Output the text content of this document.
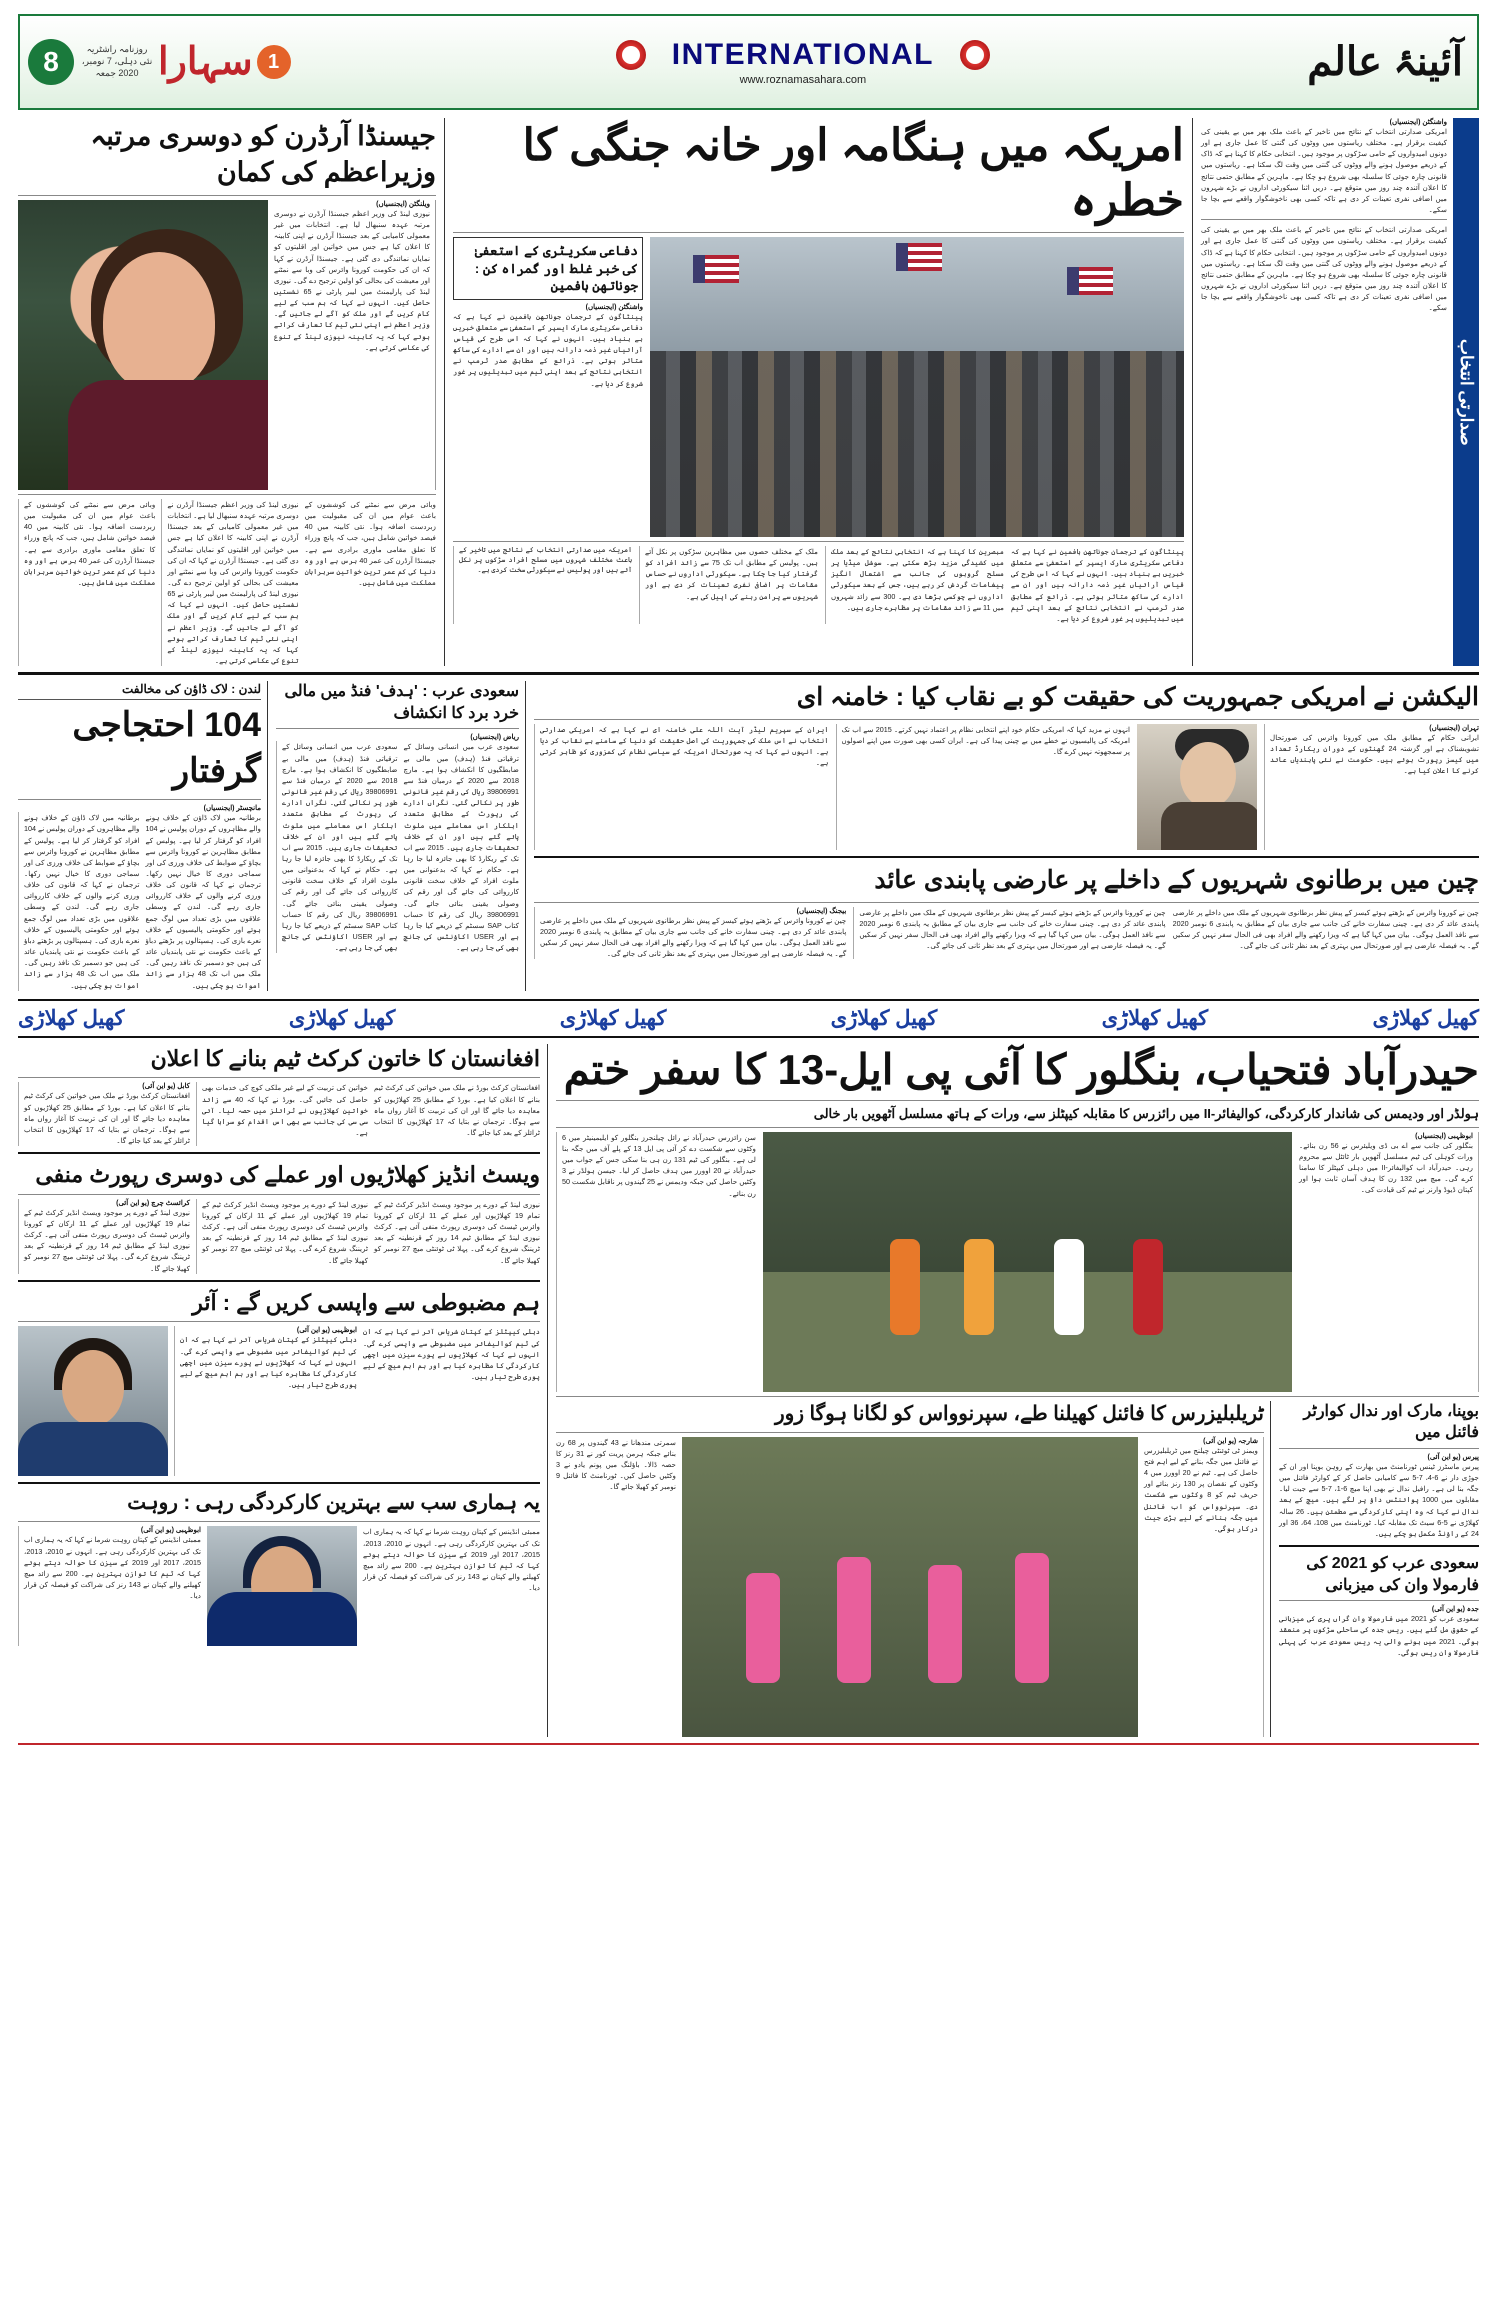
8	روزنامہ راشٹریہ
نئی دہلی، 7 نومبر، 2020 جمعہ سہارا 1	INTERNATIONAL
www.roznamasahara.com	آئینۂ عالم
جیسنڈا آرڈرن کو دوسری مرتبہ وزیراعظم کی کمان
ویلنگٹن (ایجنسیاں)
نیوزی لینڈ کی وزیر اعظم جیسنڈا آرڈرن نے دوسری مرتبہ عہدہ سنبھال لیا ہے۔ انتخابات میں غیر معمولی کامیابی کے بعد جیسنڈا آرڈرن نے اپنی کابینہ کا اعلان کیا ہے جس میں خواتین اور اقلیتوں کو نمایاں نمائندگی دی گئی ہے۔ جیسنڈا آرڈرن نے کہا کہ ان کی حکومت کورونا وائرس کی وبا سے نمٹنے اور معیشت کی بحالی کو اولین ترجیح دے گی۔ نیوزی لینڈ کی پارلیمنٹ میں لیبر پارٹی نے 65 نشستیں حاصل کیں۔ انہوں نے کہا کہ ہم سب کے لیے کام کریں گے اور ملک کو آگے لے جائیں گے۔ وزیر اعظم نے اپنی نئی ٹیم کا تعارف کراتے ہوئے کہا کہ یہ کابینہ نیوزی لینڈ کے تنوع کی عکاسی کرتی ہے۔
وبائی مرض سے نمٹنے کی کوششوں کے باعث عوام میں ان کی مقبولیت میں زبردست اضافہ ہوا۔ نئی کابینہ میں 40 فیصد خواتین شامل ہیں، جب کہ پانچ وزراء کا تعلق مقامی ماوری برادری سے ہے۔ جیسنڈا آرڈرن کی عمر 40 برس ہے اور وہ دنیا کی کم عمر ترین خواتین سربراہان مملکت میں شامل ہیں۔
نیوزی لینڈ کی وزیر اعظم جیسنڈا آرڈرن نے دوسری مرتبہ عہدہ سنبھال لیا ہے۔ انتخابات میں غیر معمولی کامیابی کے بعد جیسنڈا آرڈرن نے اپنی کابینہ کا اعلان کیا ہے جس میں خواتین اور اقلیتوں کو نمایاں نمائندگی دی گئی ہے۔ جیسنڈا آرڈرن نے کہا کہ ان کی حکومت کورونا وائرس کی وبا سے نمٹنے اور معیشت کی بحالی کو اولین ترجیح دے گی۔ نیوزی لینڈ کی پارلیمنٹ میں لیبر پارٹی نے 65 نشستیں حاصل کیں۔ انہوں نے کہا کہ ہم سب کے لیے کام کریں گے اور ملک کو آگے لے جائیں گے۔ وزیر اعظم نے اپنی نئی ٹیم کا تعارف کراتے ہوئے کہا کہ یہ کابینہ نیوزی لینڈ کے تنوع کی عکاسی کرتی ہے۔
وبائی مرض سے نمٹنے کی کوششوں کے باعث عوام میں ان کی مقبولیت میں زبردست اضافہ ہوا۔ نئی کابینہ میں 40 فیصد خواتین شامل ہیں، جب کہ پانچ وزراء کا تعلق مقامی ماوری برادری سے ہے۔ جیسنڈا آرڈرن کی عمر 40 برس ہے اور وہ دنیا کی کم عمر ترین خواتین سربراہان مملکت میں شامل ہیں۔
امریکہ میں ہنگامہ اور خانہ جنگی کا خطرہ
دفاعی سکریٹری کے استعفیٰ کی خبر غلط اور گمراہ کن : جوناتھن ہافمین
واشنگٹن (ایجنسیاں)
پینٹاگون کے ترجمان جوناتھن ہافمین نے کہا ہے کہ دفاعی سکریٹری مارک ایسپر کے استعفیٰ سے متعلق خبریں بے بنیاد ہیں۔ انہوں نے کہا کہ اس طرح کی قیاس آرائیاں غیر ذمہ دارانہ ہیں اور ان سے ادارے کی ساکھ متاثر ہوتی ہے۔ ذرائع کے مطابق صدر ٹرمپ نے انتخابی نتائج کے بعد اپنی ٹیم میں تبدیلیوں پر غور شروع کر دیا ہے۔
امریکہ میں صدارتی انتخاب کے نتائج میں تاخیر کے باعث مختلف شہروں میں مسلح افراد سڑکوں پر نکل آئے ہیں اور پولیس نے سیکورٹی سخت کردی ہے۔
ملک کے مختلف حصوں میں مظاہرین سڑکوں پر نکل آئے ہیں۔ پولیس کے مطابق اب تک 75 سے زائد افراد کو گرفتار کیا جا چکا ہے۔ سیکورٹی اداروں نے حساس مقامات پر اضافی نفری تعینات کر دی ہے اور شہریوں سے پرامن رہنے کی اپیل کی ہے۔
مبصرین کا کہنا ہے کہ انتخابی نتائج کے بعد ملک میں کشیدگی مزید بڑھ سکتی ہے۔ سوشل میڈیا پر مسلح گروہوں کی جانب سے اشتعال انگیز پیغامات گردش کر رہے ہیں، جس کے بعد سیکورٹی اداروں نے چوکسی بڑھا دی ہے۔ 300 سے زائد شہروں میں 11 سے زائد مقامات پر مظاہرے جاری ہیں۔
پینٹاگون کے ترجمان جوناتھن ہافمین نے کہا ہے کہ دفاعی سکریٹری مارک ایسپر کے استعفیٰ سے متعلق خبریں بے بنیاد ہیں۔ انہوں نے کہا کہ اس طرح کی قیاس آرائیاں غیر ذمہ دارانہ ہیں اور ان سے ادارے کی ساکھ متاثر ہوتی ہے۔ ذرائع کے مطابق صدر ٹرمپ نے انتخابی نتائج کے بعد اپنی ٹیم میں تبدیلیوں پر غور شروع کر دیا ہے۔
واشنگٹن (ایجنسیاں)
امریکی صدارتی انتخاب کے نتائج میں تاخیر کے باعث ملک بھر میں بے یقینی کی کیفیت برقرار ہے۔ مختلف ریاستوں میں ووٹوں کی گنتی کا عمل جاری ہے اور دونوں امیدواروں کے حامی سڑکوں پر موجود ہیں۔ انتخابی حکام کا کہنا ہے کہ ڈاک کے ذریعے موصول ہونے والے ووٹوں کی گنتی میں وقت لگ سکتا ہے۔ ریاستوں میں قانونی چارہ جوئی کا سلسلہ بھی شروع ہو چکا ہے۔ ماہرین کے مطابق حتمی نتائج کا اعلان آئندہ چند روز میں متوقع ہے۔ دریں اثنا سیکورٹی اداروں نے بڑے شہروں میں اضافی نفری تعینات کر دی ہے تاکہ کسی بھی ناخوشگوار واقعے سے بچا جا سکے۔
امریکی صدارتی انتخاب کے نتائج میں تاخیر کے باعث ملک بھر میں بے یقینی کی کیفیت برقرار ہے۔ مختلف ریاستوں میں ووٹوں کی گنتی کا عمل جاری ہے اور دونوں امیدواروں کے حامی سڑکوں پر موجود ہیں۔ انتخابی حکام کا کہنا ہے کہ ڈاک کے ذریعے موصول ہونے والے ووٹوں کی گنتی میں وقت لگ سکتا ہے۔ ریاستوں میں قانونی چارہ جوئی کا سلسلہ بھی شروع ہو چکا ہے۔ ماہرین کے مطابق حتمی نتائج کا اعلان آئندہ چند روز میں متوقع ہے۔ دریں اثنا سیکورٹی اداروں نے بڑے شہروں میں اضافی نفری تعینات کر دی ہے تاکہ کسی بھی ناخوشگوار واقعے سے بچا جا سکے۔
صدارتی انتخاب
لندن : لاک ڈاؤن کی مخالفت
104 احتجاجی گرفتار
مانچسٹر (ایجنسیاں)
برطانیہ میں لاک ڈاؤن کے خلاف ہونے والے مظاہروں کے دوران پولیس نے 104 افراد کو گرفتار کر لیا ہے۔ پولیس کے مطابق مظاہرین نے کورونا وائرس سے بچاؤ کے ضوابط کی خلاف ورزی کی اور سماجی دوری کا خیال نہیں رکھا۔ ترجمان نے کہا کہ قانون کی خلاف ورزی کرنے والوں کے خلاف کارروائی جاری رہے گی۔ لندن کے وسطی علاقوں میں بڑی تعداد میں لوگ جمع ہوئے اور حکومتی پالیسیوں کے خلاف نعرے بازی کی۔ ہسپتالوں پر بڑھتے دباؤ کے باعث حکومت نے نئی پابندیاں عائد کی ہیں جو دسمبر تک نافذ رہیں گی۔ ملک میں اب تک 48 ہزار سے زائد اموات ہو چکی ہیں۔
برطانیہ میں لاک ڈاؤن کے خلاف ہونے والے مظاہروں کے دوران پولیس نے 104 افراد کو گرفتار کر لیا ہے۔ پولیس کے مطابق مظاہرین نے کورونا وائرس سے بچاؤ کے ضوابط کی خلاف ورزی کی اور سماجی دوری کا خیال نہیں رکھا۔ ترجمان نے کہا کہ قانون کی خلاف ورزی کرنے والوں کے خلاف کارروائی جاری رہے گی۔ لندن کے وسطی علاقوں میں بڑی تعداد میں لوگ جمع ہوئے اور حکومتی پالیسیوں کے خلاف نعرے بازی کی۔ ہسپتالوں پر بڑھتے دباؤ کے باعث حکومت نے نئی پابندیاں عائد کی ہیں جو دسمبر تک نافذ رہیں گی۔ ملک میں اب تک 48 ہزار سے زائد اموات ہو چکی ہیں۔
سعودی عرب : 'ہدف' فنڈ میں مالی خرد برد کا انکشاف
ریاض (ایجنسیاں)
سعودی عرب میں انسانی وسائل کے ترقیاتی فنڈ (ہدف) میں مالی بے ضابطگیوں کا انکشاف ہوا ہے۔ مارچ 2018 سے 2020 کے درمیان فنڈ سے 39806991 ریال کی رقم غیر قانونی طور پر نکالی گئی۔ نگراں ادارے کی رپورٹ کے مطابق متعدد اہلکار اس معاملے میں ملوث پائے گئے ہیں اور ان کے خلاف تحقیقات جاری ہیں۔ 2015 سے اب تک کے ریکارڈ کا بھی جائزہ لیا جا رہا ہے۔ حکام نے کہا کہ بدعنوانی میں ملوث افراد کے خلاف سخت قانونی کارروائی کی جائے گی اور رقم کی وصولی یقینی بنائی جائے گی۔ 39806991 ریال کی رقم کا حساب کتاب SAP سسٹم کے ذریعے کیا جا رہا ہے اور USER اکاؤنٹس کی جانچ بھی کی جا رہی ہے۔
سعودی عرب میں انسانی وسائل کے ترقیاتی فنڈ (ہدف) میں مالی بے ضابطگیوں کا انکشاف ہوا ہے۔ مارچ 2018 سے 2020 کے درمیان فنڈ سے 39806991 ریال کی رقم غیر قانونی طور پر نکالی گئی۔ نگراں ادارے کی رپورٹ کے مطابق متعدد اہلکار اس معاملے میں ملوث پائے گئے ہیں اور ان کے خلاف تحقیقات جاری ہیں۔ 2015 سے اب تک کے ریکارڈ کا بھی جائزہ لیا جا رہا ہے۔ حکام نے کہا کہ بدعنوانی میں ملوث افراد کے خلاف سخت قانونی کارروائی کی جائے گی اور رقم کی وصولی یقینی بنائی جائے گی۔ 39806991 ریال کی رقم کا حساب کتاب SAP سسٹم کے ذریعے کیا جا رہا ہے اور USER اکاؤنٹس کی جانچ بھی کی جا رہی ہے۔
الیکشن نے امریکی جمہوریت کی حقیقت کو بے نقاب کیا : خامنہ ای
ایران کے سپریم لیڈر آیت اللہ علی خامنہ ای نے کہا ہے کہ امریکی صدارتی انتخاب نے اس ملک کی جمہوریت کی اصل حقیقت کو دنیا کے سامنے بے نقاب کر دیا ہے۔ انہوں نے کہا کہ یہ صورتحال امریکہ کے سیاسی نظام کی کمزوری کو ظاہر کرتی ہے۔
انہوں نے مزید کہا کہ امریکی حکام خود اپنے انتخابی نظام پر اعتماد نہیں کرتے۔ 2015 سے اب تک امریکہ کی پالیسیوں نے خطے میں بے چینی پیدا کی ہے۔ ایران کسی بھی صورت میں اپنے اصولوں پر سمجھوتہ نہیں کرے گا۔
تہران (ایجنسیاں)
ایرانی حکام کے مطابق ملک میں کورونا وائرس کی صورتحال تشویشناک ہے اور گزشتہ 24 گھنٹوں کے دوران ریکارڈ تعداد میں کیسز رپورٹ ہوئے ہیں۔ حکومت نے نئی پابندیاں عائد کرنے کا اعلان کیا ہے۔
چین میں برطانوی شہریوں کے داخلے پر عارضی پابندی عائد
بیجنگ (ایجنسیاں)
چین نے کورونا وائرس کے بڑھتے ہوئے کیسز کے پیش نظر برطانوی شہریوں کے ملک میں داخلے پر عارضی پابندی عائد کر دی ہے۔ چینی سفارت خانے کی جانب سے جاری بیان کے مطابق یہ پابندی 6 نومبر 2020 سے نافذ العمل ہوگی۔ بیان میں کہا گیا ہے کہ ویزا رکھنے والے افراد بھی فی الحال سفر نہیں کر سکیں گے۔ یہ فیصلہ عارضی ہے اور صورتحال میں بہتری کے بعد نظر ثانی کی جائے گی۔
چین نے کورونا وائرس کے بڑھتے ہوئے کیسز کے پیش نظر برطانوی شہریوں کے ملک میں داخلے پر عارضی پابندی عائد کر دی ہے۔ چینی سفارت خانے کی جانب سے جاری بیان کے مطابق یہ پابندی 6 نومبر 2020 سے نافذ العمل ہوگی۔ بیان میں کہا گیا ہے کہ ویزا رکھنے والے افراد بھی فی الحال سفر نہیں کر سکیں گے۔ یہ فیصلہ عارضی ہے اور صورتحال میں بہتری کے بعد نظر ثانی کی جائے گی۔
چین نے کورونا وائرس کے بڑھتے ہوئے کیسز کے پیش نظر برطانوی شہریوں کے ملک میں داخلے پر عارضی پابندی عائد کر دی ہے۔ چینی سفارت خانے کی جانب سے جاری بیان کے مطابق یہ پابندی 6 نومبر 2020 سے نافذ العمل ہوگی۔ بیان میں کہا گیا ہے کہ ویزا رکھنے والے افراد بھی فی الحال سفر نہیں کر سکیں گے۔ یہ فیصلہ عارضی ہے اور صورتحال میں بہتری کے بعد نظر ثانی کی جائے گی۔
کھیل کھلاڑی	کھیل کھلاڑی	کھیل کھلاڑی	کھیل کھلاڑی	کھیل کھلاڑی	کھیل کھلاڑی
افغانستان کا خاتون کرکٹ ٹیم بنانے کا اعلان
کابل (یو این آئی)
افغانستان کرکٹ بورڈ نے ملک میں خواتین کی کرکٹ ٹیم بنانے کا اعلان کیا ہے۔ بورڈ کے مطابق 25 کھلاڑیوں کو معاہدہ دیا جائے گا اور ان کی تربیت کا آغاز رواں ماہ سے ہوگا۔ ترجمان نے بتایا کہ 17 کھلاڑیوں کا انتخاب ٹرائلز کے بعد کیا جائے گا۔
خواتین کی تربیت کے لیے غیر ملکی کوچ کی خدمات بھی حاصل کی جائیں گی۔ بورڈ نے کہا کہ 40 سے زائد خواتین کھلاڑیوں نے ٹرائلز میں حصہ لیا۔ آئی سی سی کی جانب سے بھی اس اقدام کو سراہا گیا ہے۔
افغانستان کرکٹ بورڈ نے ملک میں خواتین کی کرکٹ ٹیم بنانے کا اعلان کیا ہے۔ بورڈ کے مطابق 25 کھلاڑیوں کو معاہدہ دیا جائے گا اور ان کی تربیت کا آغاز رواں ماہ سے ہوگا۔ ترجمان نے بتایا کہ 17 کھلاڑیوں کا انتخاب ٹرائلز کے بعد کیا جائے گا۔
ویسٹ انڈیز کھلاڑیوں اور عملے کی دوسری رپورٹ منفی
کرائسٹ چرچ (یو این آئی)
نیوزی لینڈ کے دورے پر موجود ویسٹ انڈیز کرکٹ ٹیم کے تمام 19 کھلاڑیوں اور عملے کے 11 ارکان کے کورونا وائرس ٹیسٹ کی دوسری رپورٹ منفی آئی ہے۔ کرکٹ نیوزی لینڈ کے مطابق ٹیم 14 روز کے قرنطینہ کے بعد ٹریننگ شروع کرے گی۔ پہلا ٹی ٹوئنٹی میچ 27 نومبر کو کھیلا جائے گا۔
نیوزی لینڈ کے دورے پر موجود ویسٹ انڈیز کرکٹ ٹیم کے تمام 19 کھلاڑیوں اور عملے کے 11 ارکان کے کورونا وائرس ٹیسٹ کی دوسری رپورٹ منفی آئی ہے۔ کرکٹ نیوزی لینڈ کے مطابق ٹیم 14 روز کے قرنطینہ کے بعد ٹریننگ شروع کرے گی۔ پہلا ٹی ٹوئنٹی میچ 27 نومبر کو کھیلا جائے گا۔
نیوزی لینڈ کے دورے پر موجود ویسٹ انڈیز کرکٹ ٹیم کے تمام 19 کھلاڑیوں اور عملے کے 11 ارکان کے کورونا وائرس ٹیسٹ کی دوسری رپورٹ منفی آئی ہے۔ کرکٹ نیوزی لینڈ کے مطابق ٹیم 14 روز کے قرنطینہ کے بعد ٹریننگ شروع کرے گی۔ پہلا ٹی ٹوئنٹی میچ 27 نومبر کو کھیلا جائے گا۔
ہم مضبوطی سے واپسی کریں گے : آئر
ابوظہبی (یو این آئی)
دہلی کیپٹلز کے کپتان شریاس آئر نے کہا ہے کہ ان کی ٹیم کوالیفائر میں مضبوطی سے واپسی کرے گی۔ انہوں نے کہا کہ کھلاڑیوں نے پورے سیزن میں اچھی کارکردگی کا مظاہرہ کیا ہے اور ہم اہم میچ کے لیے پوری طرح تیار ہیں۔
دہلی کیپٹلز کے کپتان شریاس آئر نے کہا ہے کہ ان کی ٹیم کوالیفائر میں مضبوطی سے واپسی کرے گی۔ انہوں نے کہا کہ کھلاڑیوں نے پورے سیزن میں اچھی کارکردگی کا مظاہرہ کیا ہے اور ہم اہم میچ کے لیے پوری طرح تیار ہیں۔
یہ ہماری سب سے بہترین کارکردگی رہی : روہت
ابوظہبی (یو این آئی)
ممبئی انڈینس کے کپتان روہت شرما نے کہا کہ یہ ہماری اب تک کی بہترین کارکردگی رہی ہے۔ انہوں نے 2010، 2013، 2015، 2017 اور 2019 کے سیزن کا حوالہ دیتے ہوئے کہا کہ ٹیم کا توازن بہترین ہے۔ 200 سے زائد میچ کھیلنے والے کپتان نے 143 رنز کی شراکت کو فیصلہ کن قرار دیا۔
ممبئی انڈینس کے کپتان روہت شرما نے کہا کہ یہ ہماری اب تک کی بہترین کارکردگی رہی ہے۔ انہوں نے 2010، 2013، 2015، 2017 اور 2019 کے سیزن کا حوالہ دیتے ہوئے کہا کہ ٹیم کا توازن بہترین ہے۔ 200 سے زائد میچ کھیلنے والے کپتان نے 143 رنز کی شراکت کو فیصلہ کن قرار دیا۔
حیدرآباد فتحیاب، بنگلور کا آئی پی ایل-13 کا سفر ختم
ہولڈر اور ودیمس کی شاندار کارکردگی، کوالیفائر-II میں رائزرس کا مقابلہ کیپٹلز سے، ورات کے ہاتھ مسلسل آٹھویں بار خالی
سن رائزرس حیدرآباد نے رائل چیلنجرز بنگلور کو ایلیمینیٹر میں 6 وکٹوں سے شکست دے کر آئی پی ایل 13 کے پلے آف میں جگہ بنا لی ہے۔ بنگلور کی ٹیم 131 رن ہی بنا سکی جس کے جواب میں حیدرآباد نے 20 اوورز میں ہدف حاصل کر لیا۔ جیسن ہولڈر نے 3 وکٹیں حاصل کیں جبکہ ودیمس نے 25 گیندوں پر ناقابل شکست 50 رن بنائے۔
ابوظہبی (ایجنسیاں)
بنگلور کی جانب سے اے بی ڈی ویلیئرس نے 56 رن بنائے۔ ورات کوہلی کی ٹیم مسلسل آٹھویں بار ٹائٹل سے محروم رہی۔ حیدرآباد اب کوالیفائر-II میں دہلی کیپٹلز کا سامنا کرے گی۔ میچ میں 132 رن کا ہدف آسان ثابت ہوا اور کپتان ڈیوڈ وارنر نے ٹیم کی قیادت کی۔
ٹریلبلیزرس کا فائنل کھیلنا طے، سپرنوواس کو لگانا ہوگا زور
سمرتی مندھانا نے 43 گیندوں پر 68 رن بنائے جبکہ ہرمن پریت کور نے 31 رنز کا حصہ ڈالا۔ باؤلنگ میں پونم یادو نے 3 وکٹیں حاصل کیں۔ ٹورنامنٹ کا فائنل 9 نومبر کو کھیلا جائے گا۔
شارجہ (یو این آئی)
ویمنز ٹی ٹوئنٹی چیلنج میں ٹریلبلیزرس نے فائنل میں جگہ بنانے کے لیے اہم فتح حاصل کی ہے۔ ٹیم نے 20 اوورز میں 4 وکٹوں کے نقصان پر 130 رنز بنائے اور حریف ٹیم کو 8 وکٹوں سے شکست دی۔ سپرنوواس کو اب فائنل میں جگہ بنانے کے لیے بڑی جیت درکار ہوگی۔
بوپنا، مارک اور ندال کوارٹر فائنل میں
پیرس (یو این آئی)
پیرس ماسٹرز ٹینس ٹورنامنٹ میں بھارت کے روہن بوپنا اور ان کے جوڑی دار نے 6-4، 7-5 سے کامیابی حاصل کر کے کوارٹر فائنل میں جگہ بنا لی ہے۔ رافیل ندال نے بھی اپنا میچ 6-1، 7-5 سے جیت لیا۔ مقابلوں میں 1000 پوائنٹس داؤ پر لگے ہیں۔ میچ کے بعد ندال نے کہا کہ وہ اپنی کارکردگی سے مطمئن ہیں۔ 26 سالہ کھلاڑی نے 5-6 سیٹ تک مقابلہ کیا۔ ٹورنامنٹ میں 108، 64، 36 اور 24 کے راؤنڈ مکمل ہو چکے ہیں۔
سعودی عرب کو 2021 کی فارمولا وان کی میزبانی
جدہ (یو این آئی)
سعودی عرب کو 2021 میں فارمولا وان گراں پری کی میزبانی کے حقوق مل گئے ہیں۔ ریس جدہ کی ساحلی سڑکوں پر منعقد ہوگی۔ 2021 میں ہونے والی یہ ریس سعودی عرب کی پہلی فارمولا وان ریس ہوگی۔
